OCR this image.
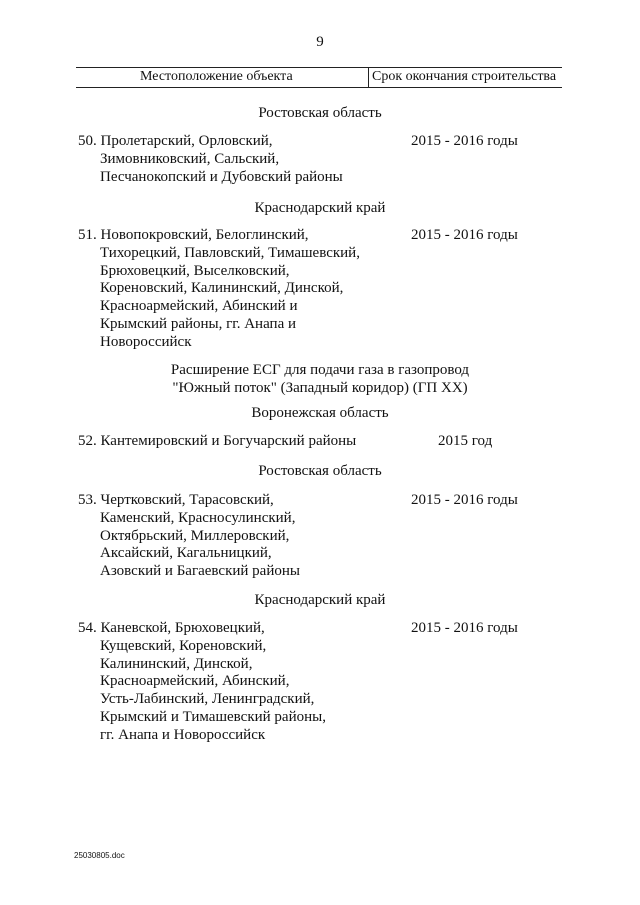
9
Местоположение объекта	Срок окончания строительства
Ростовская область
50. Пролетарский, Орловский,
Зимовниковский, Сальский,
Песчанокопский и Дубовский районы
2015 - 2016 годы
Краснодарский край
51. Новопокровский, Белоглинский,
Тихорецкий, Павловский, Тимашевский,
Брюховецкий, Выселковский,
Кореновский, Калининский, Динской,
Красноармейский, Абинский и
Крымский районы, гг. Анапа и
Новороссийск
2015 - 2016 годы
Расширение ЕСГ для подачи газа в газопровод
"Южный поток" (Западный коридор) (ГП XX)
Воронежская область
52. Кантемировский и Богучарский районы	2015 год
Ростовская область
53. Чертковский, Тарасовский,
Каменский, Красносулинский,
Октябрьский, Миллеровский,
Аксайский, Кагальницкий,
Азовский и Багаевский районы
2015 - 2016 годы
Краснодарский край
54. Каневской, Брюховецкий,
Кущевский, Кореновский,
Калининский, Динской,
Красноармейский, Абинский,
Усть-Лабинский, Ленинградский,
Крымский и Тимашевский районы,
гг. Анапа и Новороссийск
2015 - 2016 годы
25030805.doc
